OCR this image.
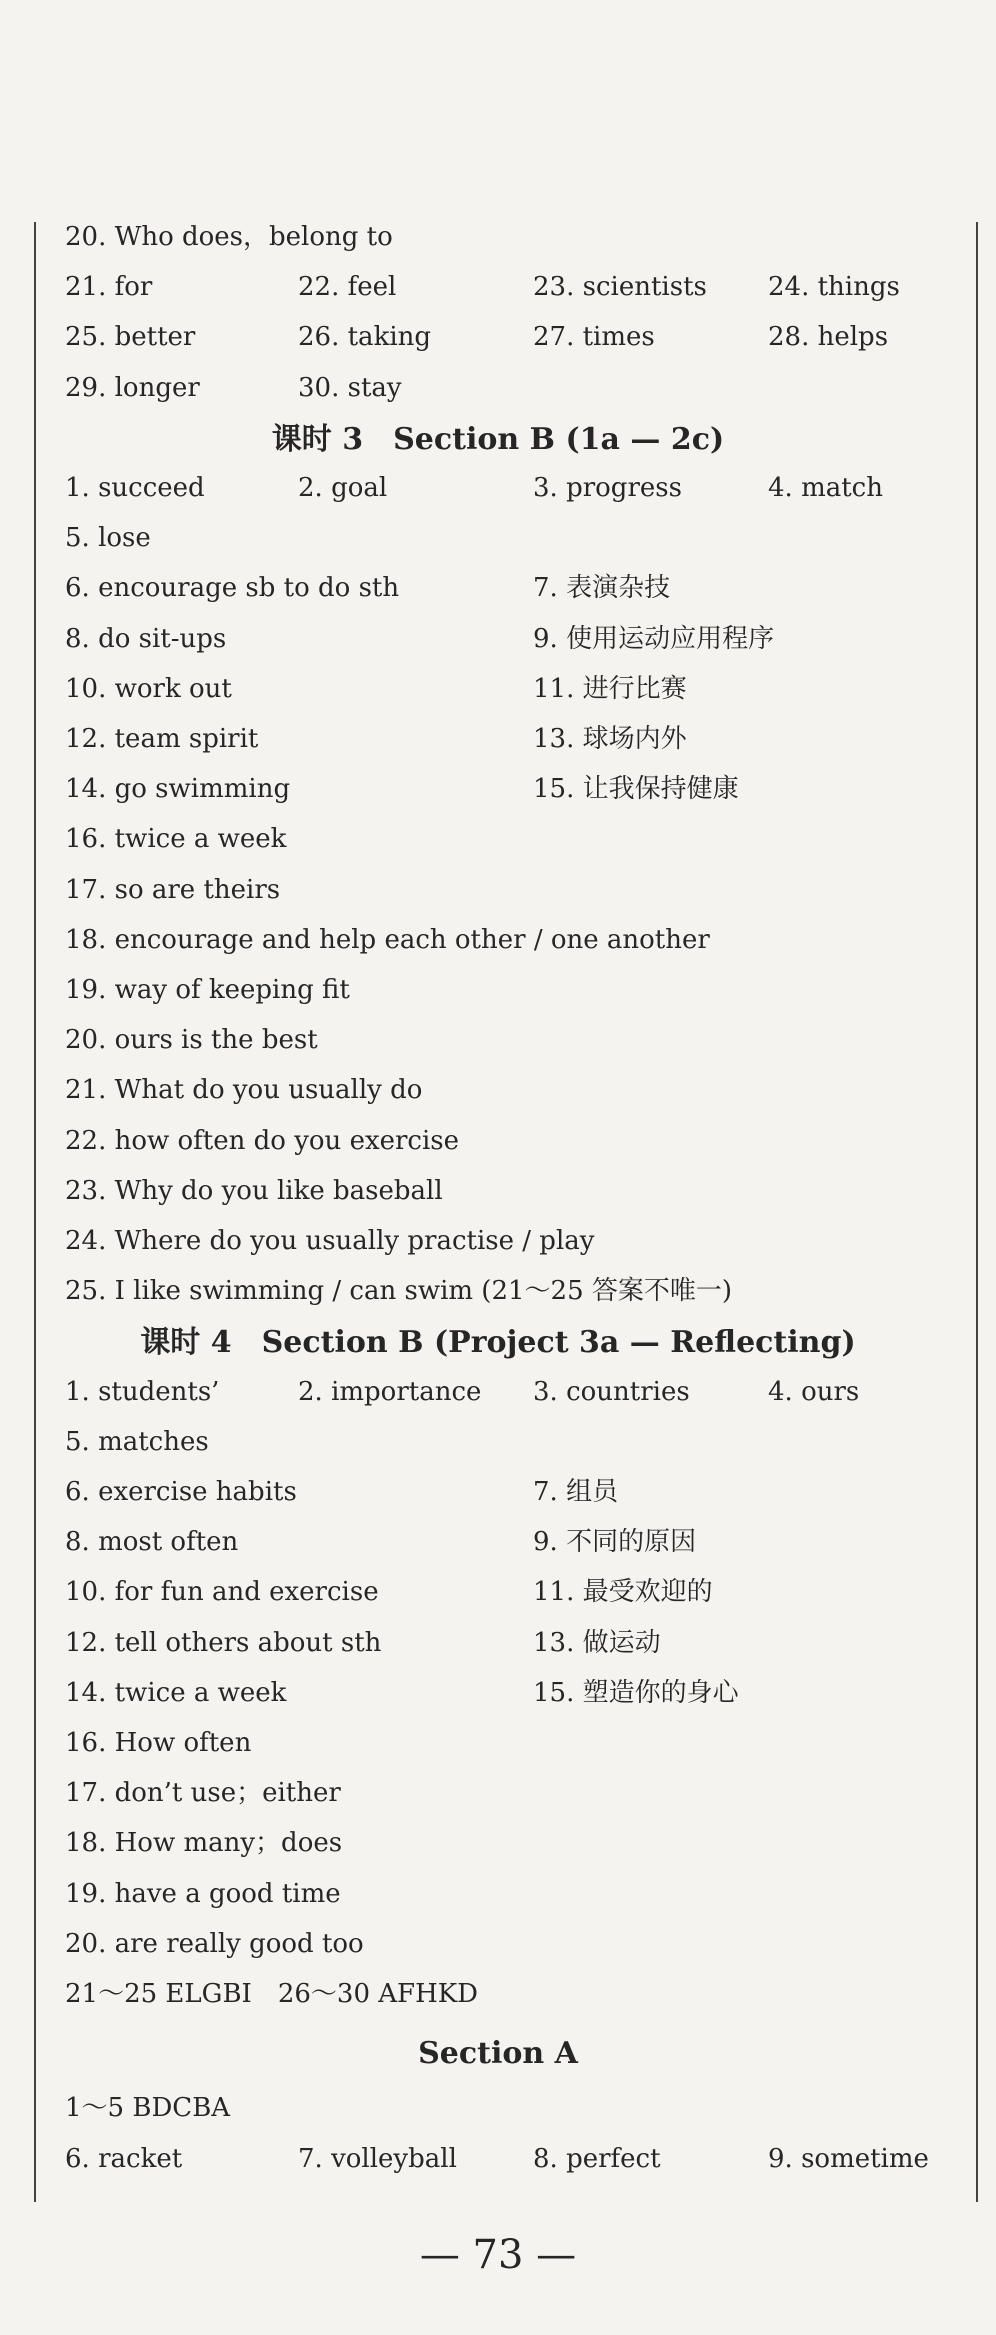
20. Who does，belong to
21. for	22. feel	23. scientists 24. things
25. better	26. taking	27. times	28. helps
29. longer	30. stay
课时 3　Section B (1a — 2c)
1. succeed	2. goal	3. progress	4. match
5. lose
6. encourage sb to do sth	7. 表演杂技
8. do sit-ups	9. 使用运动应用程序
10. work out	11. 进行比赛
12. team spirit	13. 球场内外
14. go swimming	15. 让我保持健康
16. twice a week
17. so are theirs
18. encourage and help each other / one another
19. way of keeping fit
20. ours is the best
21. What do you usually do
22. how often do you exercise
23. Why do you like baseball
24. Where do you usually practise / play
25. I like swimming / can swim (21～25 答案不唯一)
课时 4　Section B (Project 3a — Reflecting)
1. students’	2. importance 3. countries	4. ours
5. matches
6. exercise habits	7. 组员
8. most often	9. 不同的原因
10. for fun and exercise	11. 最受欢迎的
12. tell others about sth	13. 做运动
14. twice a week	15. 塑造你的身心
16. How often
17. don’t use；either
18. How many；does
19. have a good time
20. are really good too
21～25 ELGBI　26～30 AFHKD
Section A
1～5 BDCBA
6. racket	7. volleyball	8. perfect	9. sometime
— 73 —
